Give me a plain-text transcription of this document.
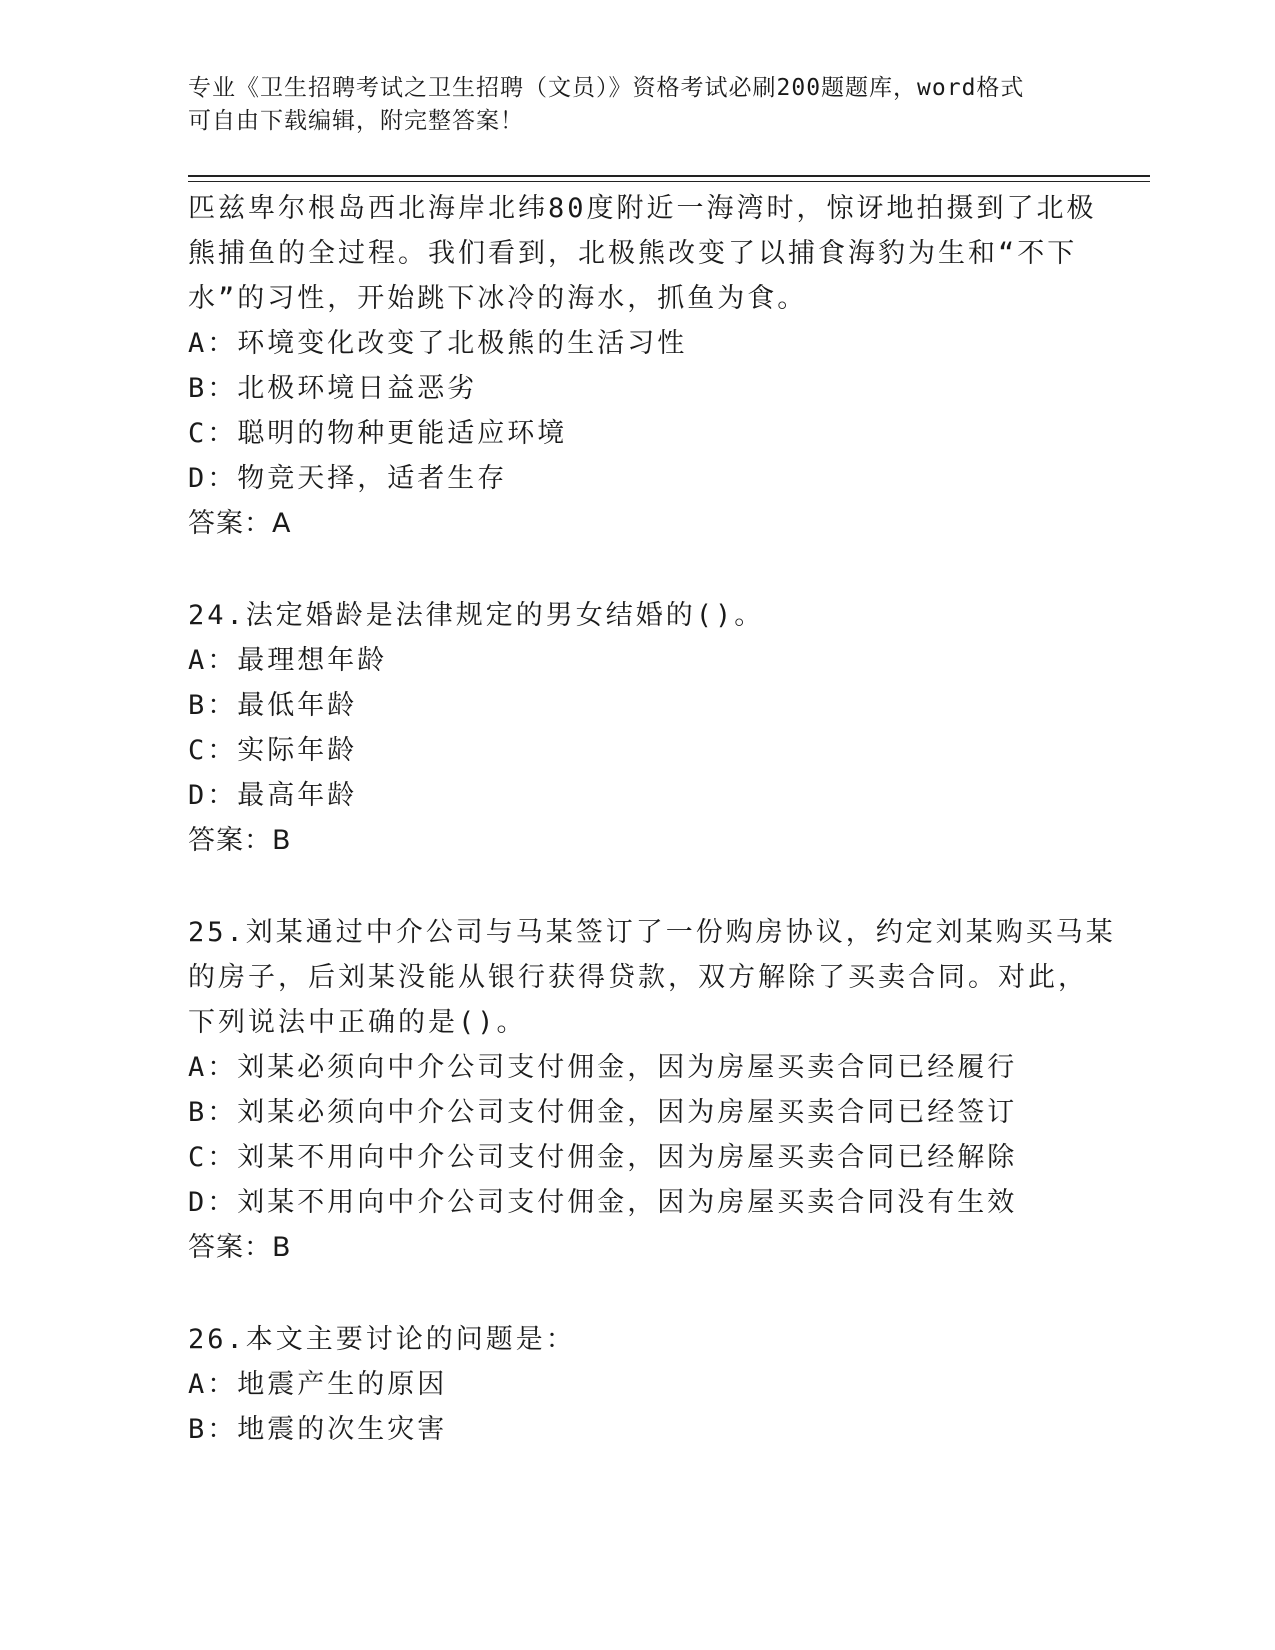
专业《卫生招聘考试之卫生招聘（文员）》资格考试必刷200题题库，word格式
可自由下载编辑，附完整答案！
匹兹卑尔根岛西北海岸北纬80度附近一海湾时，惊讶地拍摄到了北极
熊捕鱼的全过程。我们看到，北极熊改变了以捕食海豹为生和“不下
水”的习性，开始跳下冰冷的海水，抓鱼为食。
A：环境变化改变了北极熊的生活习性
B：北极环境日益恶劣
C：聪明的物种更能适应环境
D：物竞天择，适者生存
答案：A
24.法定婚龄是法律规定的男女结婚的()。
A：最理想年龄
B：最低年龄
C：实际年龄
D：最高年龄
答案：B
25.刘某通过中介公司与马某签订了一份购房协议，约定刘某购买马某
的房子，后刘某没能从银行获得贷款，双方解除了买卖合同。对此，
下列说法中正确的是()。
A：刘某必须向中介公司支付佣金，因为房屋买卖合同已经履行
B：刘某必须向中介公司支付佣金，因为房屋买卖合同已经签订
C：刘某不用向中介公司支付佣金，因为房屋买卖合同已经解除
D：刘某不用向中介公司支付佣金，因为房屋买卖合同没有生效
答案：B
26.本文主要讨论的问题是：
A：地震产生的原因
B：地震的次生灾害
